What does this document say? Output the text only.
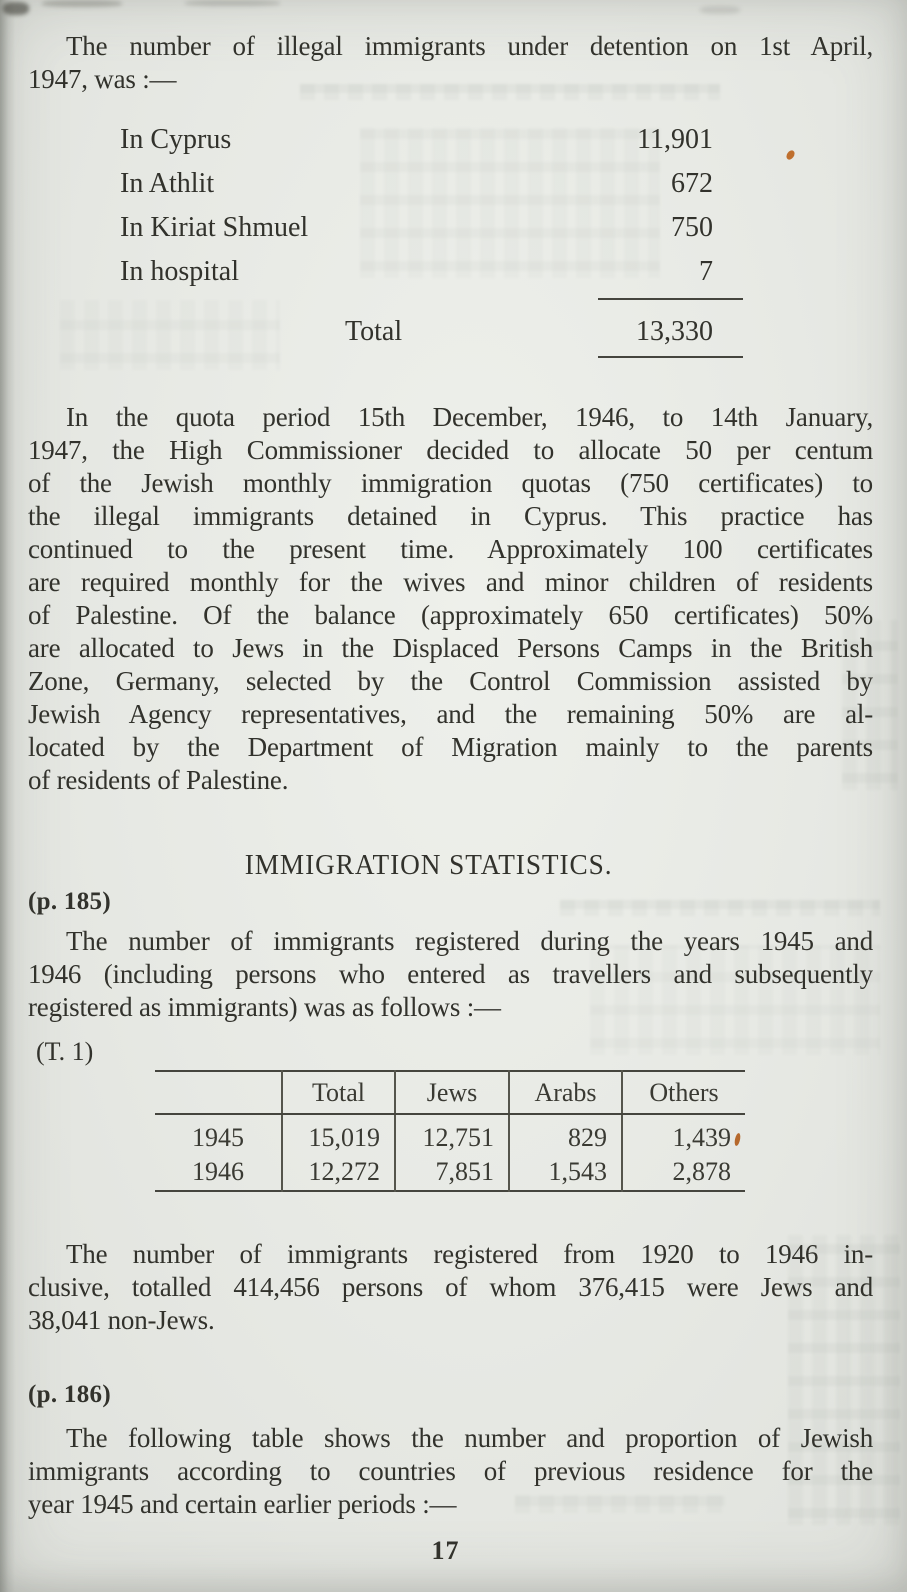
The number of illegal immigrants under detention on 1st April,
1947, was :—
In Cyprus	11,901
In Athlit	672
In Kiriat Shmuel	750
In hospital	7
Total	13,330
In the quota period 15th December, 1946, to 14th January,
1947, the High Commissioner decided to allocate 50 per centum
of the Jewish monthly immigration quotas (750 certificates) to
the illegal immigrants detained in Cyprus. This practice has
continued to the present time. Approximately 100 certificates
are required monthly for the wives and minor children of residents
of Palestine. Of the balance (approximately 650 certificates) 50%
are allocated to Jews in the Displaced Persons Camps in the British
Zone, Germany, selected by the Control Commission assisted by
Jewish Agency representatives, and the remaining 50% are al-
located by the Department of Migration mainly to the parents
of residents of Palestine.
IMMIGRATION STATISTICS.
(p. 185)
The number of immigrants registered during the years 1945 and
1946 (including persons who entered as travellers and subsequently
registered as immigrants) was as follows :—
(T. 1)
	Total	Jews	Arabs	Others
1945	15,019	12,751	829	1,439
1946	12,272	7,851	1,543	2,878
The number of immigrants registered from 1920 to 1946 in-
clusive, totalled 414,456 persons of whom 376,415 were Jews and
38,041 non-Jews.
(p. 186)
The following table shows the number and proportion of Jewish
immigrants according to countries of previous residence for the
year 1945 and certain earlier periods :—
17
